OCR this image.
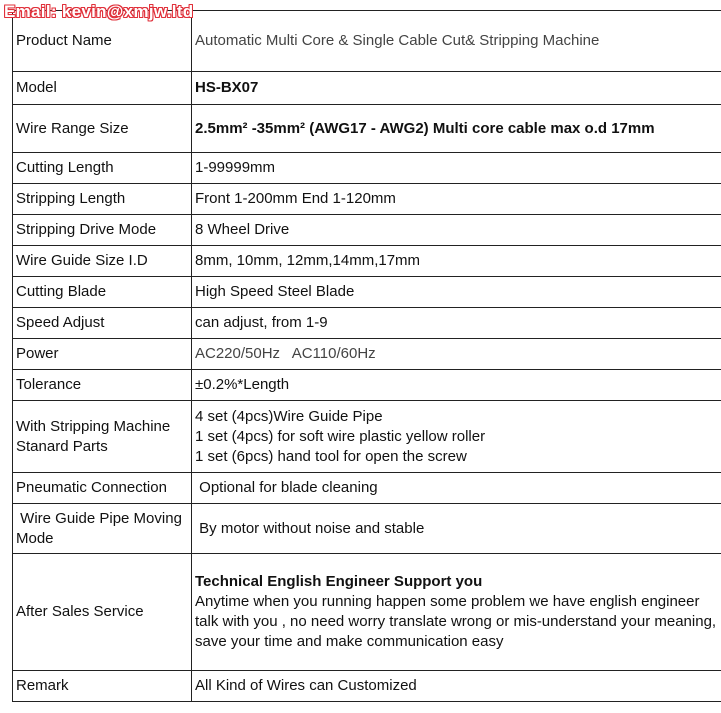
Email: kevin@xmjw.ltd
Product Name	Automatic Multi Core & Single Cable Cut& Stripping Machine
Model	HS-BX07
Wire Range Size	2.5mm² -35mm² (AWG17 - AWG2) Multi core cable max o.d 17mm
Cutting Length	1-99999mm
Stripping Length	Front 1-200mm End 1-120mm
Stripping Drive Mode	8 Wheel Drive
Wire Guide Size I.D	8mm, 10mm, 12mm,14mm,17mm
Cutting Blade	High Speed Steel Blade
Speed Adjust	can adjust, from 1-9
Power	AC220/50Hz   AC110/60Hz
Tolerance	±0.2%*Length
With Stripping Machine Stanard Parts	4 set (4pcs)Wire Guide Pipe
1 set (4pcs) for soft wire plastic yellow roller
1 set (6pcs) hand tool for open the screw

Pneumatic Connection	Optional for blade cleaning
Wire Guide Pipe Moving Mode	By motor without noise and stable
After Sales Service	Technical English Engineer Support you
Anytime when you running happen some problem we have english engineer talk with you , no need worry translate wrong or mis-understand your meaning, save your time and make communication easy

Remark	All Kind of Wires can Customized
